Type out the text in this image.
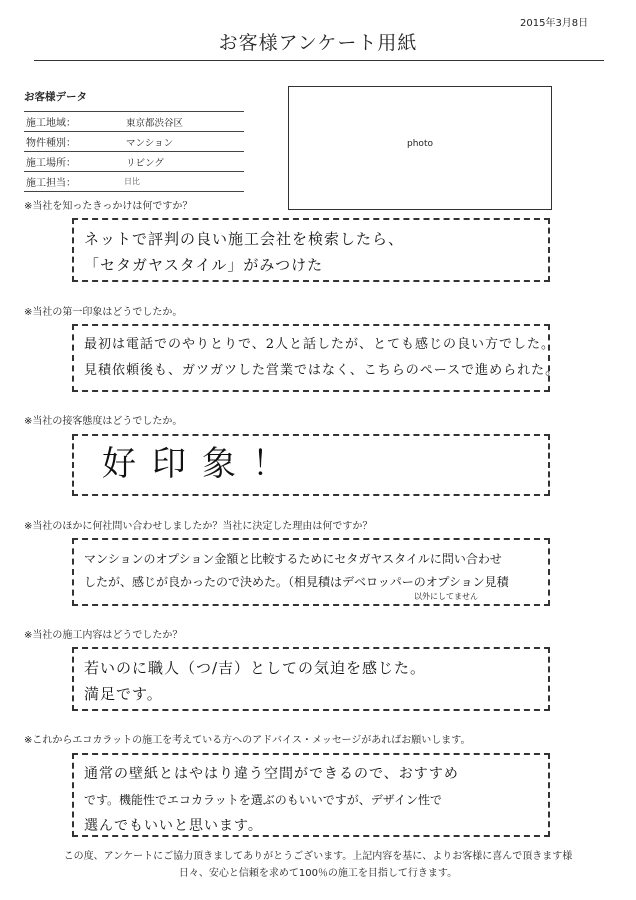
2015年3月8日
お客様アンケート用紙
お客様データ
施工地域：	東京都渋谷区
物件種別：	マンション
施工場所：	リビング
施工担当：	日比
photo
※当社を知ったきっかけは何ですか？
ネットで評判の良い施工会社を検索したら、
「セタガヤスタイル」がみつけた
※当社の第一印象はどうでしたか。
最初は電話でのやりとりで、2人と話したが、とても感じの良い方でした。
見積依頼後も、ガツガツした営業ではなく、こちらのペースで進められた。
※当社の接客態度はどうでしたか。
好印象！
※当社のほかに何社問い合わせしましたか？当社に決定した理由は何ですか？
マンションのオプション金額と比較するためにセタガヤスタイルに問い合わせ
したが、感じが良かったので決めた。（相見積はデベロッパーのオプション見積
以外にしてません
※当社の施工内容はどうでしたか？
若いのに職人（つ/吉）としての気迫を感じた。
満足です。
※これからエコカラットの施工を考えている方へのアドバイス・メッセージがあればお願いします。
通常の壁紙とはやはり違う空間ができるので、おすすめ
です。機能性でエコカラットを選ぶのもいいですが、デザイン性で
選んでもいいと思います。
この度、アンケートにご協力頂きましてありがとうございます。上記内容を基に、よりお客様に喜んで頂きます様
日々、安心と信頼を求めて100％の施工を目指して行きます。
